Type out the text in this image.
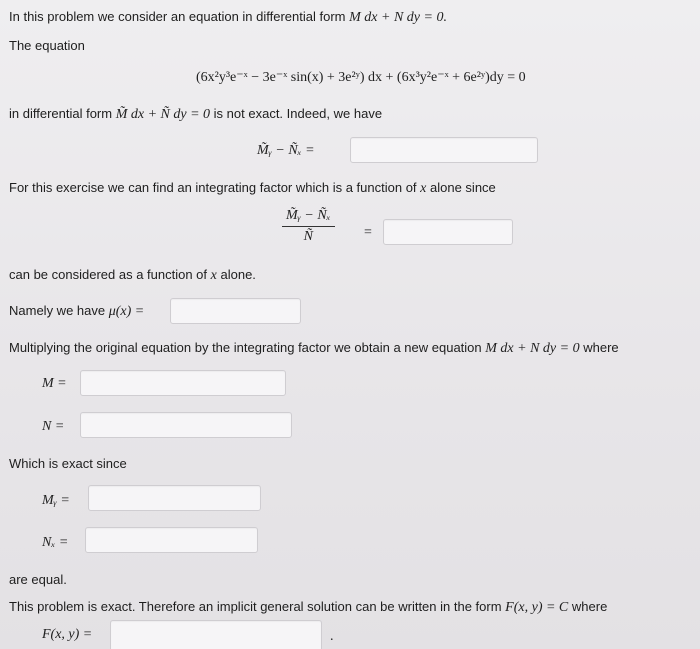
In this problem we consider an equation in differential form M dx + N dy = 0.
The equation
(6x²y³e⁻ˣ − 3e⁻ˣ sin(x) + 3e²ʸ) dx + (6x³y²e⁻ˣ + 6e²ʸ)dy = 0
in differential form M̃ dx + Ñ dy = 0 is not exact. Indeed, we have
M̃ᵧ − Ñₓ =
For this exercise we can find an integrating factor which is a function of x alone since
$\frac{\text{M̃ᵧ − Ñₓ}}{Ñ}$ =
can be considered as a function of x alone.
Namely we have μ(x) =
Multiplying the original equation by the integrating factor we obtain a new equation M dx + N dy = 0 where
M =
N =
Which is exact since
Mᵧ =
Nₓ =
are equal.
This problem is exact. Therefore an implicit general solution can be written in the form F(x, y) = C where
F(x, y) =	.
